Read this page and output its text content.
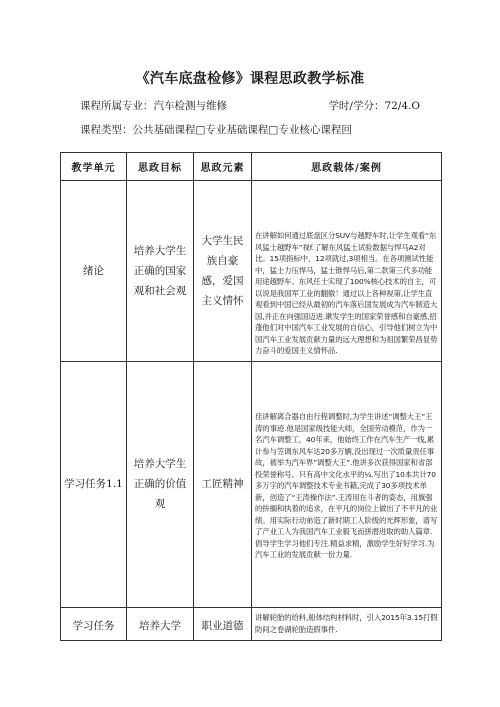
《汽车底盘检修》课程思政教学标准
课程所属专业：汽车检测与维修	学时/学分：72/4.O
课程类型：公共基础课程□专业基础课程□专业核心课程回
教学单元	思政目标	思政元素	思政载体/案例
绪论	培养大学生正确的国家观和社会观	大学生民族自豪感，爱国主义情怀	在讲解如何通过底盘区分SUV与越野车时,让学生观看“东风猛士越野车”视f.了解东风猛士试验数据与悍马A2对比。15项指标中，12项就过,3项相当。在各项测试性能中，猛士力压悍马，猛士锥悍马后,第二款第三代多功能用途越野车。东风任士实现了100%核心技术的自主，可以说是我国军工业的翻傲！通过以上各种视第,让学生直观看到中国已经从最初的汽车落后国发展成为汽车制造大国,并正在向强国迈进.漱发学生的国家荣誉感和自豪感,招蓬他们对中国汽车工业发展的自信心，引导他们树立为中国汽车工业发展贡献力量的远大理想和为祖国繁荣昌显势力奋斗的爱国主义情怀品.
学习任务1.1	培养大学生正确的价值观	工匠精神	佳讲解离合器自由行程调整时,为学生讲述“调整大王”王涛的事迹.他是国家级技能大师，全国劳动模范，作为一名汽车调整工，40年来，他始终工作在汽车生产一线,累计参与笠调东风车达20多万辆,没出现过一次质量责任事故，被举为汽车界”调整大王”.他讲多次获得国家和省部投荣誉称号。只有高中文化水平的¼.写出了10本共计70多万字的汽车调整技术专业书籍,完成了30多项技术单新，创造了“王涛操作法”.王涛用在斗者的姿态，用旗强的拚搁和执着的追求，在平凡的岗位上做出了不平凡的业绩。用实际行动弟造了新时期工人阶级的光辉形象，谱写了产业工人为我国汽车工业毅飞而拼潜进取的助人篇章.倡导学生学习他们专注.精益求精，激励学生好好学习.为汽车工业的发展贡献一份力量.
学习任务	培养大学	职业道德	讲解轮胎的给料,船体结构材料时，引入2015年3.15打假防间之卷湖轮胎造假事件.
